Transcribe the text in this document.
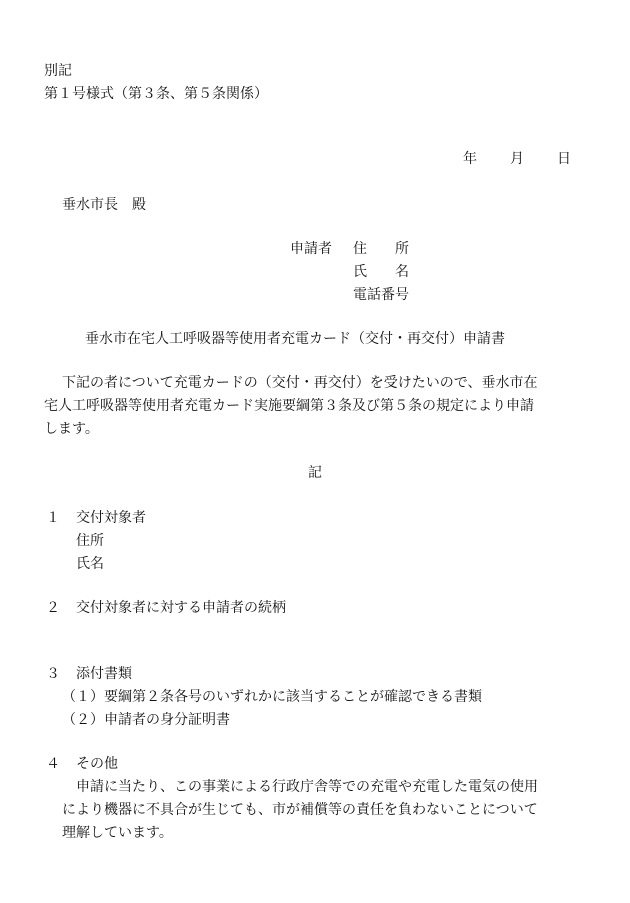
別記
第１号様式（第３条、第５条関係）
年 月 日
垂水市長　殿
申請者 住　　所
氏　　名
電話番号
垂水市在宅人工呼吸器等使用者充電カード（交付・再交付）申請書
下記の者について充電カードの（交付・再交付）を受けたいので、垂水市在
宅人工呼吸器等使用者充電カード実施要綱第３条及び第５条の規定により申請
します。
記
１ 交付対象者
住所
氏名
２ 交付対象者に対する申請者の続柄
３ 添付書類
（１）要綱第２条各号のいずれかに該当することが確認できる書類
（２）申請者の身分証明書
４ その他
申請に当たり、この事業による行政庁舎等での充電や充電した電気の使用
により機器に不具合が生じても、市が補償等の責任を負わないことについて
理解しています。
